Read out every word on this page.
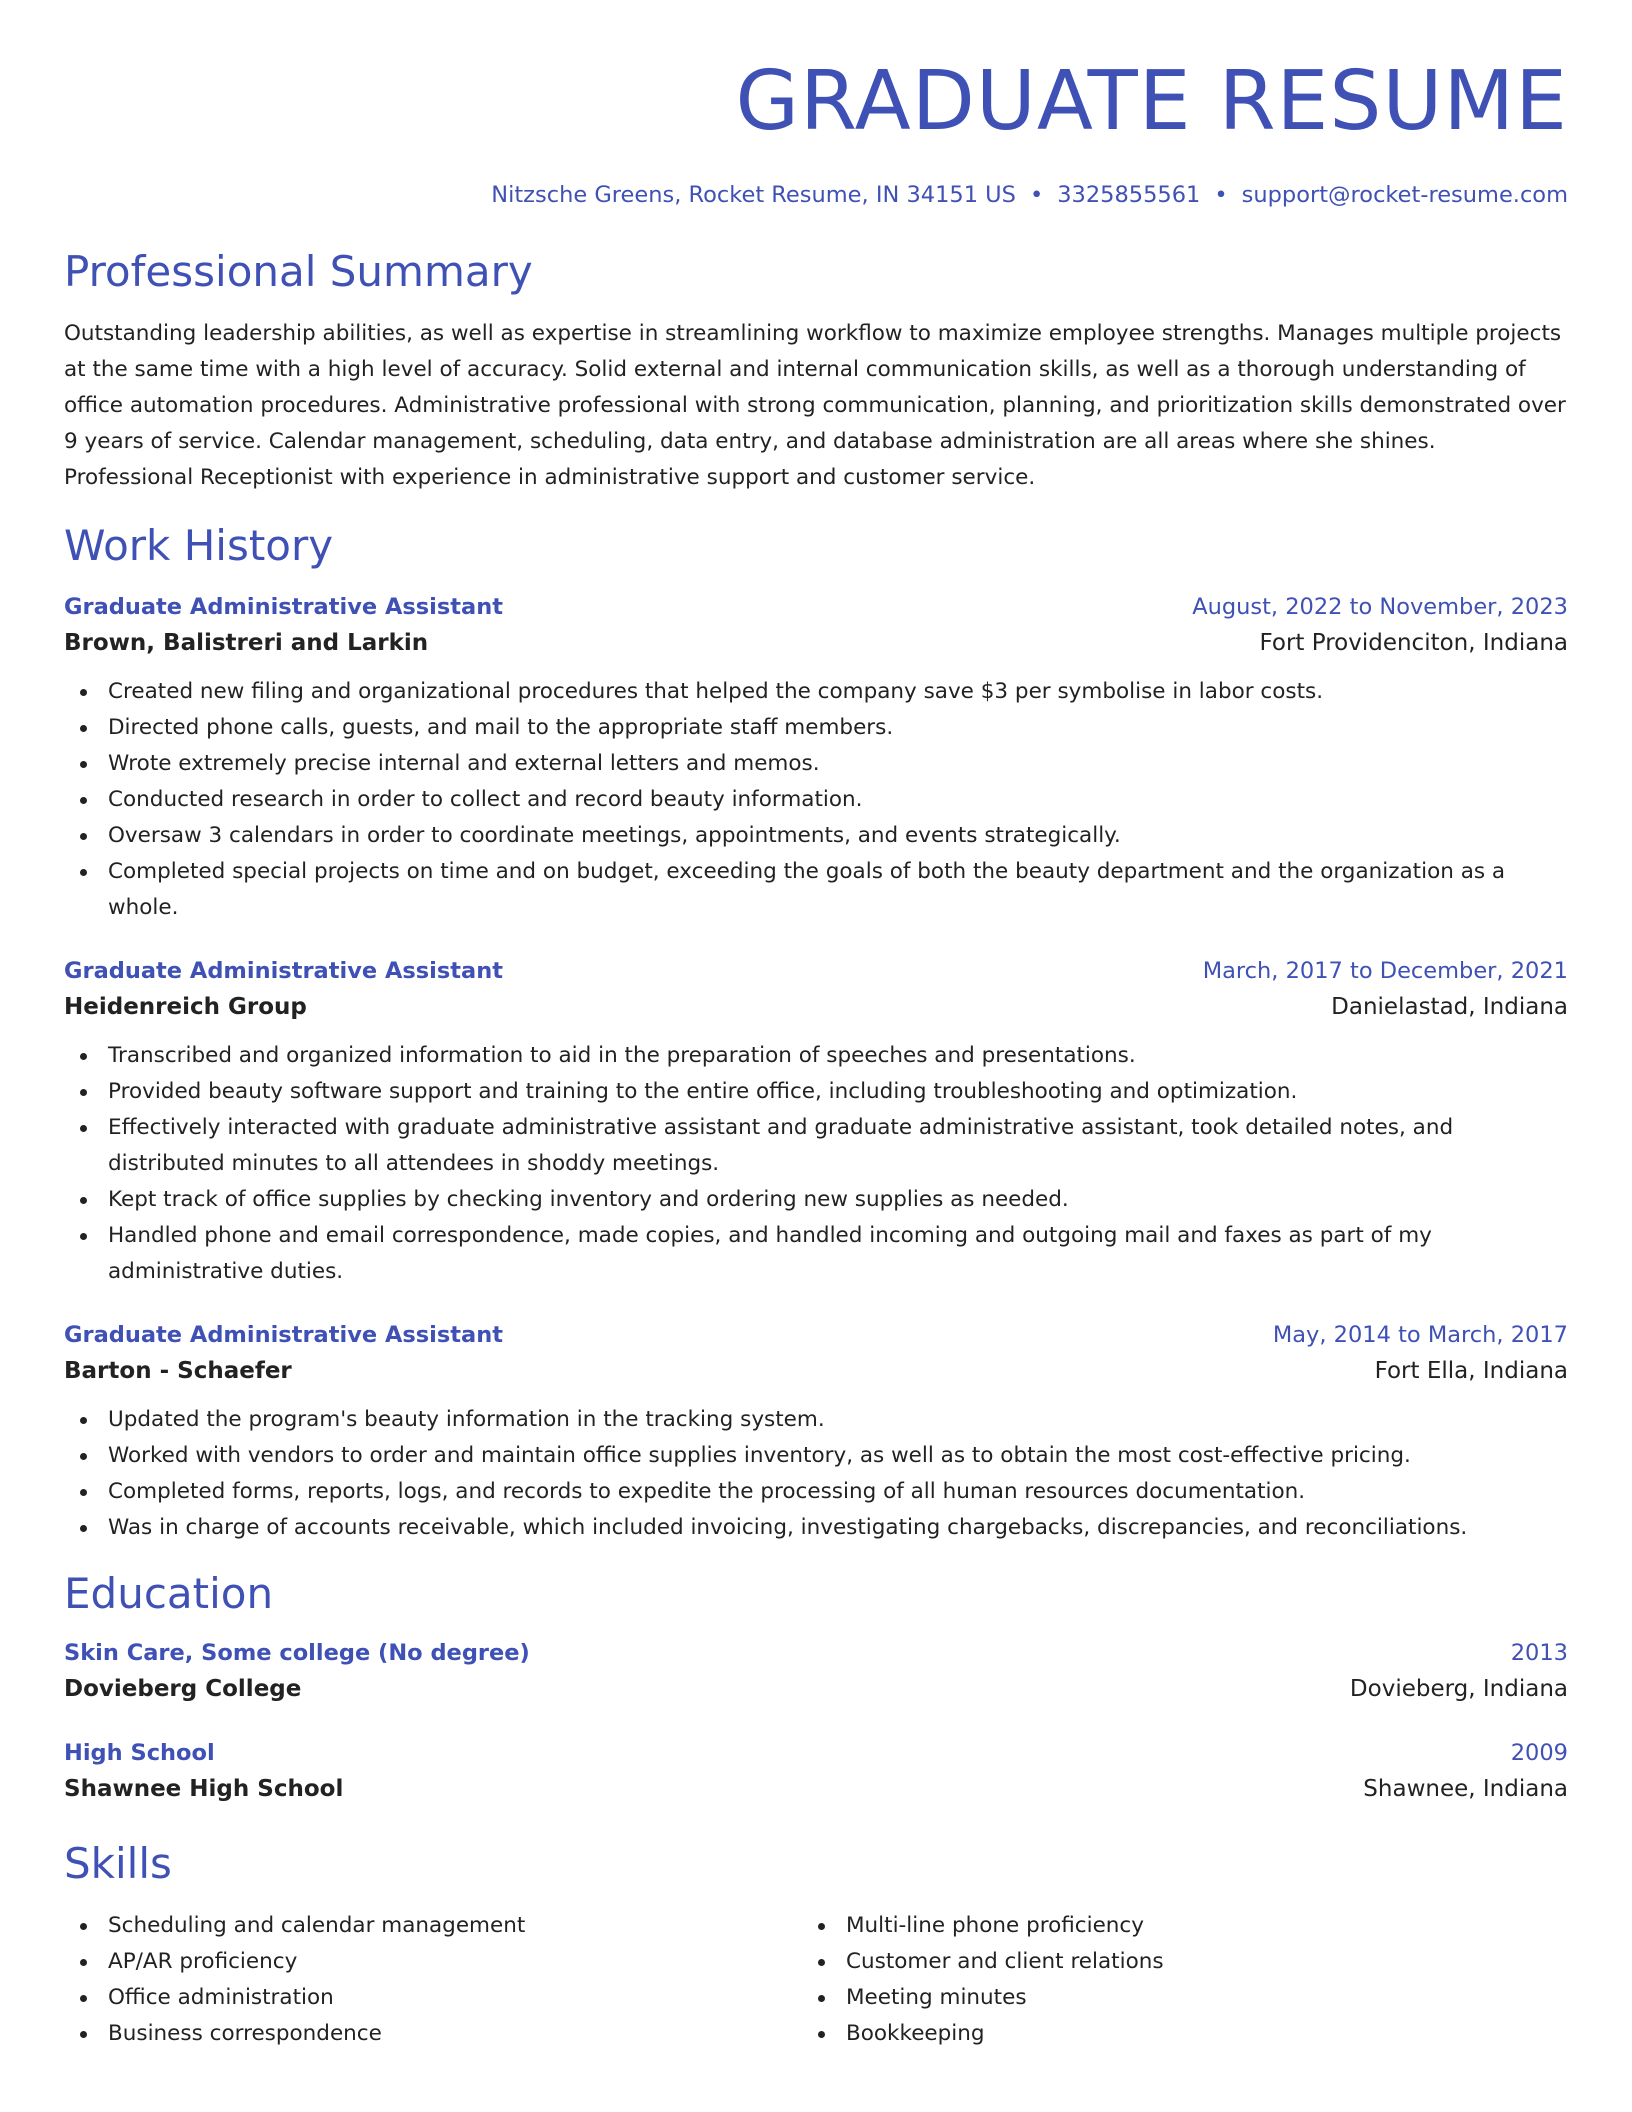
GRADUATE RESUME
Nitzsche Greens, Rocket Resume, IN 34151 US • 3325855561 • support@rocket-resume.com
Professional Summary

Outstanding leadership abilities, as well as expertise in streamlining workflow to maximize employee strengths. Manages multiple projects at the same time with a high level of accuracy. Solid external and internal communication skills, as well as a thorough understanding of office automation procedures. Administrative professional with strong communication, planning, and prioritization skills demonstrated over 9 years of service. Calendar management, scheduling, data entry, and database administration are all areas where she shines. Professional Receptionist with experience in administrative support and customer service.

Work History
Graduate Administrative Assistant	August, 2022 to November, 2023
Brown, Balistreri and Larkin	Fort Providenciton, Indiana
Created new filing and organizational procedures that helped the company save $3 per symbolise in labor costs.
Directed phone calls, guests, and mail to the appropriate staff members.
Wrote extremely precise internal and external letters and memos.
Conducted research in order to collect and record beauty information.
Oversaw 3 calendars in order to coordinate meetings, appointments, and events strategically.
Completed special projects on time and on budget, exceeding the goals of both the beauty department and the organization as a whole.
Graduate Administrative Assistant	March, 2017 to December, 2021
Heidenreich Group	Danielastad, Indiana
Transcribed and organized information to aid in the preparation of speeches and presentations.
Provided beauty software support and training to the entire office, including troubleshooting and optimization.
Effectively interacted with graduate administrative assistant and graduate administrative assistant, took detailed notes, and distributed minutes to all attendees in shoddy meetings.
Kept track of office supplies by checking inventory and ordering new supplies as needed.
Handled phone and email correspondence, made copies, and handled incoming and outgoing mail and faxes as part of my administrative duties.
Graduate Administrative Assistant	May, 2014 to March, 2017
Barton - Schaefer	Fort Ella, Indiana
Updated the program's beauty information in the tracking system.
Worked with vendors to order and maintain office supplies inventory, as well as to obtain the most cost-effective pricing.
Completed forms, reports, logs, and records to expedite the processing of all human resources documentation.
Was in charge of accounts receivable, which included invoicing, investigating chargebacks, discrepancies, and reconciliations.
Education
Skin Care, Some college (No degree)	2013
Dovieberg College	Dovieberg, Indiana
High School	2009
Shawnee High School	Shawnee, Indiana
Skills
Scheduling and calendar management
AP/AR proficiency
Office administration
Business correspondence
Multi-line phone proficiency
Customer and client relations
Meeting minutes
Bookkeeping
